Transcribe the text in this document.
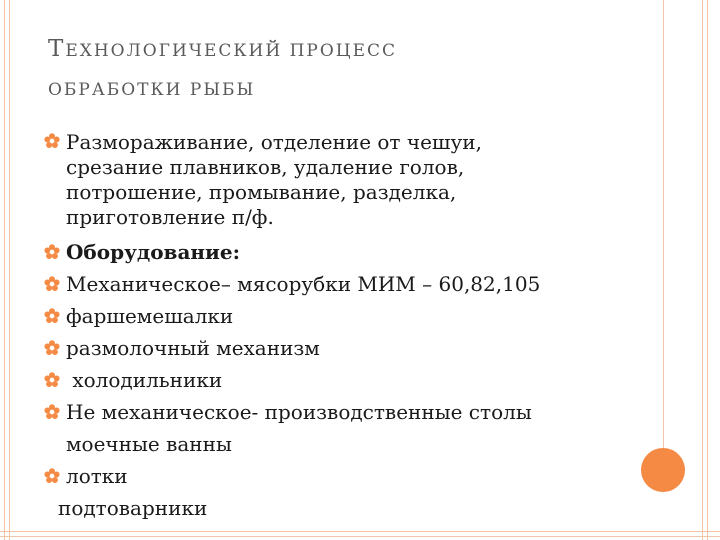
ТЕХНОЛОГИЧЕСКИЙ ПРОЦЕСС
ОБРАБОТКИ РЫБЫ
Размораживание, отделение от чешуи, срезание плавников, удаление голов, потрошение, промывание, разделка, приготовление п/ф.
Оборудование:
Механическое– мясорубки МИМ – 60,82,105
фаршемешалки
размолочный механизм
холодильники
Не механическое- производственные столы
моечные ванны
лотки
подтоварники
